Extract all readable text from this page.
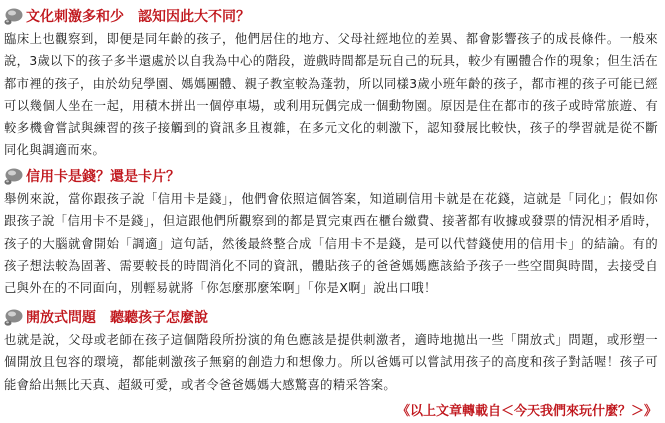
文化刺激多和少　認知因此大不同？

臨床上也觀察到，即便是同年齡的孩子，他們居住的地方、父母社經地位的差異、都會影響孩子的成長條件。一般來說，3歲以下的孩子多半還處於以自我為中心的階段，遊戲時間都是玩自己的玩具，較少有團體合作的現象；但生活在都市裡的孩子，由於幼兒學園、媽媽團體、親子教室較為蓬勃，所以同樣3歲小班年齡的孩子，都市裡的孩子可能已經可以幾個人坐在一起，用積木拼出一個停車場，或利用玩偶完成一個動物園。原因是住在都市的孩子或時常旅遊、有較多機會嘗試與練習的孩子接觸到的資訊多且複雜，在多元文化的刺激下，認知發展比較快，孩子的學習就是從不斷同化與調適而來。

信用卡是錢？還是卡片？

舉例來說，當你跟孩子說「信用卡是錢」，他們會依照這個答案，知道刷信用卡就是在花錢，這就是「同化」；假如你跟孩子說「信用卡不是錢」，但這跟他們所觀察到的都是買完東西在櫃台繳費、接著都有收據或發票的情況相矛盾時，孩子的大腦就會開始「調適」這句話，然後最終整合成「信用卡不是錢，是可以代替錢使用的信用卡」的結論。有的孩子想法較為固著、需要較長的時間消化不同的資訊，體貼孩子的爸爸媽媽應該給予孩子一些空間與時間，去接受自己與外在的不同面向，別輕易就將「你怎麼那麼笨啊」「你是X啊」說出口哦！

開放式問題　聽聽孩子怎麼說

也就是說，父母或老師在孩子這個階段所扮演的角色應該是提供刺激者，適時地拋出一些「開放式」問題，或形塑一個開放且包容的環境，都能刺激孩子無窮的創造力和想像力。所以爸媽可以嘗試用孩子的高度和孩子對話喔！孩子可能會給出無比天真、超級可愛，或者令爸爸媽媽大感驚喜的精采答案。

《以上文章轉載自＜今天我們來玩什麼？＞》
